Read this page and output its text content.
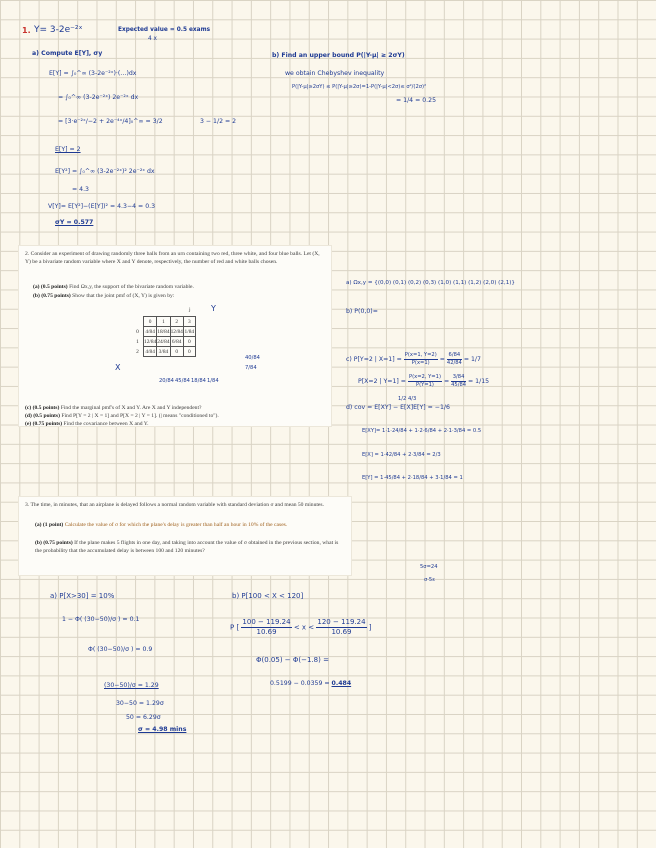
1. Y= 3-2e⁻²ˣ	Expected value = 0.5 exams
4 x
a) Compute E[Y], σy	b) Find an upper bound P(|Y-μ| ≥ 2σY)
we obtain Chebyshev inequality
P(|Y-μ|≥2σY) ≤ P(|Y-μ|≥2σ)=1-P(|Y-μ|<2σ)≤ σ²/(2σ)²
= 1/4 = 0.25
E[Y] = ∫₀^∞ (3-2e⁻²ˣ)·(…)dx
= ∫₀^∞ (3-2e⁻²ˣ) 2e⁻²ˣ dx
= [3·e⁻²ˣ/−2 + 2e⁻⁴ˣ/4]₀^∞ = 3/2	3 − 1/2 = 2
E[Y] = 2
E[Y²] = ∫₀^∞ (3-2e⁻²ˣ)² 2e⁻²ˣ dx
= 4.3
V[Y]= E[Y²]−(E[Y])² = 4.3−4 = 0.3
σY = 0.577
2. Consider an experiment of drawing randomly three balls from an urn containing two red, three white, and four blue balls. Let (X, Y) be a bivariate random variable where X and Y denote, respectively, the number of red and white balls chosen.
(a) (0.5 points) Find Ωx,y, the support of the bivariate random variable.
(b) (0.75 points) Show that the joint pmf of (X, Y) is given by:
Y
j
X
	0	1	2	3
0	4/84	18/84	12/84	1/84
1	12/84	24/84	6/84	0
2	4/84	3/84	0	0
40/84
7/84
20/84 45/84 18/84 1/84
(c) (0.5 points) Find the marginal pmf's of X and Y. Are X and Y independent?
(d) (0.5 points) Find P[Y = 2 | X = 1] and P[X = 2 | Y = 1]. (| means "conditioned to").
(e) (0.75 points) Find the covariance between X and Y.
a) Ωx,y = {(0,0) (0,1) (0,2) (0,3) (1,0) (1,1) (1,2) (2,0) (2,1)}
b) P(0,0)=
c) P[Y=2 | $X=1] = \frac{P(x=1, Y=2)}{P(x=1)} = \frac{6/84}{42/84} = 1/7$
P[X=2 | $Y=1] = \frac{P(x=2, Y=1)}{P(Y=1)} = \frac{3/84}{45/84} = 1/15$
1/2 4/3
d) cov = E[XY] − E[X]E[Y] = −1/6
E[XY]= 1·1·24/84 + 1·2·6/84 + 2·1·3/84 = 0.5
E[X] = 1·42/84 + 2·3/84 = 2/3
E[Y] = 1·45/84 + 2·18/84 + 3·1/84 = 1
3. The time, in minutes, that an airplane is delayed follows a normal random variable with standard deviation σ and mean 50 minutes.
(a) (1 point) Calculate the value of σ for which the plane's delay is greater than half an hour in 10% of the cases.
(b) (0.75 points) If the plane makes 5 flights in one day, and taking into account the value of σ obtained in the previous section, what is the probability that the accumulated delay is between 100 and 120 minutes?
5σ=24
σ·5ε
a) P[X>30] = 10%
1 − Φ( (30−50)/σ ) = 0.1
Φ( (30−50)/σ ) = 0.9
(30−50)/σ = 1.29
30−50 = 1.29σ
50 = 6.29σ
σ = 4.98 mins
b) P[100 < X < 120]
P [ $\frac{100 - 119.24}{10.69} < x < \frac{120 - 119.24}{10.69}$ ]
Φ(0.05) − Φ(−1.8) =
0.5199 − 0.0359 = 0.484
